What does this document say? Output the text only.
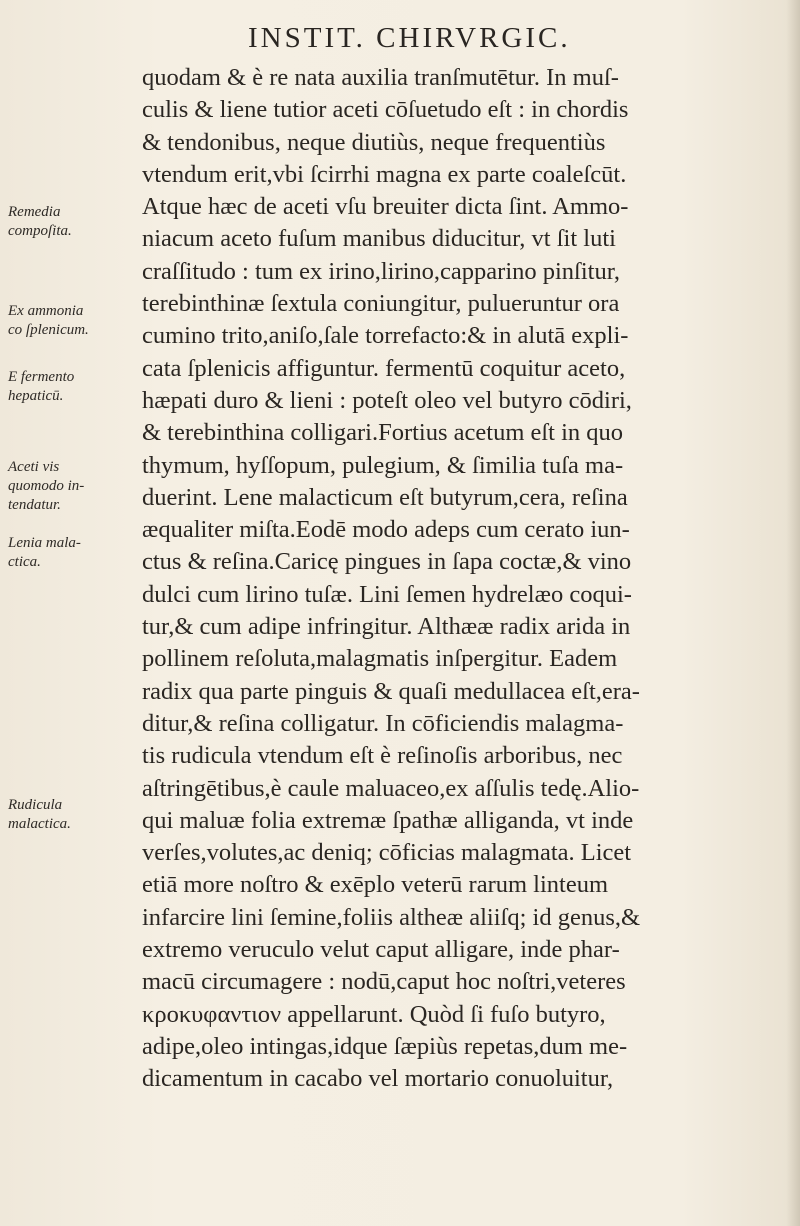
INSTIT. CHIRVRGIC.
Remedia
compoſita.
Ex ammonia
co ſplenicum.
E fermento
hepaticū.
Aceti vis
quomodo in-
tendatur.
Lenia mala-
ctica.
Rudicula
malactica.
quodam & è re nata auxilia tranſmutētur. In muſ-
culis & liene tutior aceti cōſuetudo eſt : in chordis
& tendonibus, neque diutiùs, neque frequentiùs
vtendum erit,vbi ſcirrhi magna ex parte coaleſcūt.
Atque hæc de aceti vſu breuiter dicta ſint. Ammo-
niacum aceto fuſum manibus diducitur, vt ſit luti
craſſitudo : tum ex irino,lirino,capparino pinſitur,
terebinthinæ ſextula coniungitur, pulueruntur ora
cumino trito,aniſo,ſale torrefacto:& in alutā expli-
cata ſplenicis affiguntur. fermentū coquitur aceto,
hæpati duro & lieni : poteſt oleo vel butyro cōdiri,
& terebinthina colligari.Fortius acetum eſt in quo
thymum, hyſſopum, pulegium, & ſimilia tuſa ma-
duerint. Lene malacticum eſt butyrum,cera, reſina
æqualiter miſta.Eodē modo adeps cum cerato iun-
ctus & reſina.Caricę pingues in ſapa coctæ,& vino
dulci cum lirino tuſæ. Lini ſemen hydrelæo coqui-
tur,& cum adipe infringitur. Althææ radix arida in
pollinem reſoluta,malagmatis inſpergitur. Eadem
radix qua parte pinguis & quaſi medullacea eſt,era-
ditur,& reſina colligatur. In cōficiendis malagma-
tis rudicula vtendum eſt è reſinoſis arboribus, nec
aſtringētibus,è caule maluaceo,ex aſſulis tedę.Alio-
qui maluæ folia extremæ ſpathæ alliganda, vt inde
verſes,volutes,ac deniq; cōficias malagmata. Licet
etiā more noſtro & exēplo veterū rarum linteum
infarcire lini ſemine,foliis altheæ aliiſq; id genus,&
extremo veruculo velut caput alligare, inde phar-
macū circumagere : nodū,caput hoc noſtri,veteres
κροκυφαντιον appellarunt. Quòd ſi fuſo butyro,
adipe,oleo intingas,idque ſæpiùs repetas,dum me-
dicamentum in cacabo vel mortario conuoluitur,
